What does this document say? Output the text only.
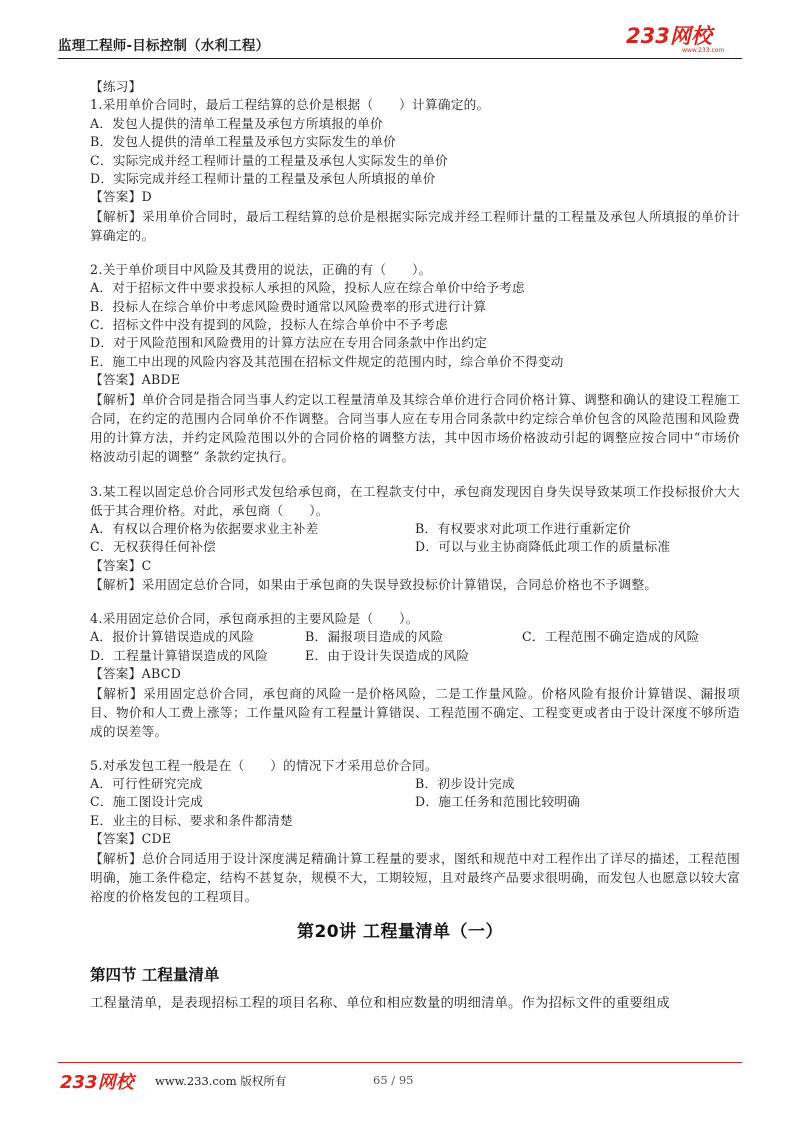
监理工程师-目标控制（水利工程）	233网校
www.233.com
【练习】
1.采用单价合同时，最后工程结算的总价是根据（　　）计算确定的。
A．发包人提供的清单工程量及承包方所填报的单价
B．发包人提供的清单工程量及承包方实际发生的单价
C．实际完成并经工程师计量的工程量及承包人实际发生的单价
D．实际完成并经工程师计量的工程量及承包人所填报的单价
【答案】D
【解析】采用单价合同时，最后工程结算的总价是根据实际完成并经工程师计量的工程量及承包人所填报的单价计算确定的。
2.关于单价项目中风险及其费用的说法，正确的有（　　）。
A．对于招标文件中要求投标人承担的风险，投标人应在综合单价中给予考虑
B．投标人在综合单价中考虑风险费时通常以风险费率的形式进行计算
C．招标文件中没有提到的风险，投标人在综合单价中不予考虑
D．对于风险范围和风险费用的计算方法应在专用合同条款中作出约定
E．施工中出现的风险内容及其范围在招标文件规定的范围内时，综合单价不得变动
【答案】ABDE
【解析】单价合同是指合同当事人约定以工程量清单及其综合单价进行合同价格计算、调整和确认的建设工程施工合同，在约定的范围内合同单价不作调整。合同当事人应在专用合同条款中约定综合单价包含的风险范围和风险费用的计算方法，并约定风险范围以外的合同价格的调整方法，其中因市场价格波动引起的调整应按合同中“市场价格波动引起的调整” 条款约定执行。
3.某工程以固定总价合同形式发包给承包商，在工程款支付中，承包商发现因自身失误导致某项工作投标报价大大低于其合理价格。对此，承包商（　　）。
A．有权以合理价格为依据要求业主补差	B．有权要求对此项工作进行重新定价
C．无权获得任何补偿	D．可以与业主协商降低此项工作的质量标准
【答案】C
【解析】采用固定总价合同，如果由于承包商的失误导致投标价计算错误，合同总价格也不予调整。
4.采用固定总价合同，承包商承担的主要风险是（　　）。
A．报价计算错误造成的风险	B．漏报项目造成的风险	C．工程范围不确定造成的风险
D．工程量计算错误造成的风险	E．由于设计失误造成的风险
【答案】ABCD
【解析】采用固定总价合同，承包商的风险一是价格风险，二是工作量风险。价格风险有报价计算错误、漏报项目、物价和人工费上涨等；工作量风险有工程量计算错误、工程范围不确定、工程变更或者由于设计深度不够所造成的误差等。
5.对承发包工程一般是在（　　）的情况下才采用总价合同。
A．可行性研究完成	B．初步设计完成
C．施工图设计完成	D．施工任务和范围比较明确
E．业主的目标、要求和条件都清楚
【答案】CDE
【解析】总价合同适用于设计深度满足精确计算工程量的要求，图纸和规范中对工程作出了详尽的描述，工程范围明确，施工条件稳定，结构不甚复杂，规模不大，工期较短，且对最终产品要求很明确，而发包人也愿意以较大富裕度的价格发包的工程项目。
第20讲 工程量清单（一）
第四节 工程量清单
工程量清单，是表现招标工程的项目名称、单位和相应数量的明细清单。作为招标文件的重要组成
233网校 www.233.com 版权所有	65 / 95
